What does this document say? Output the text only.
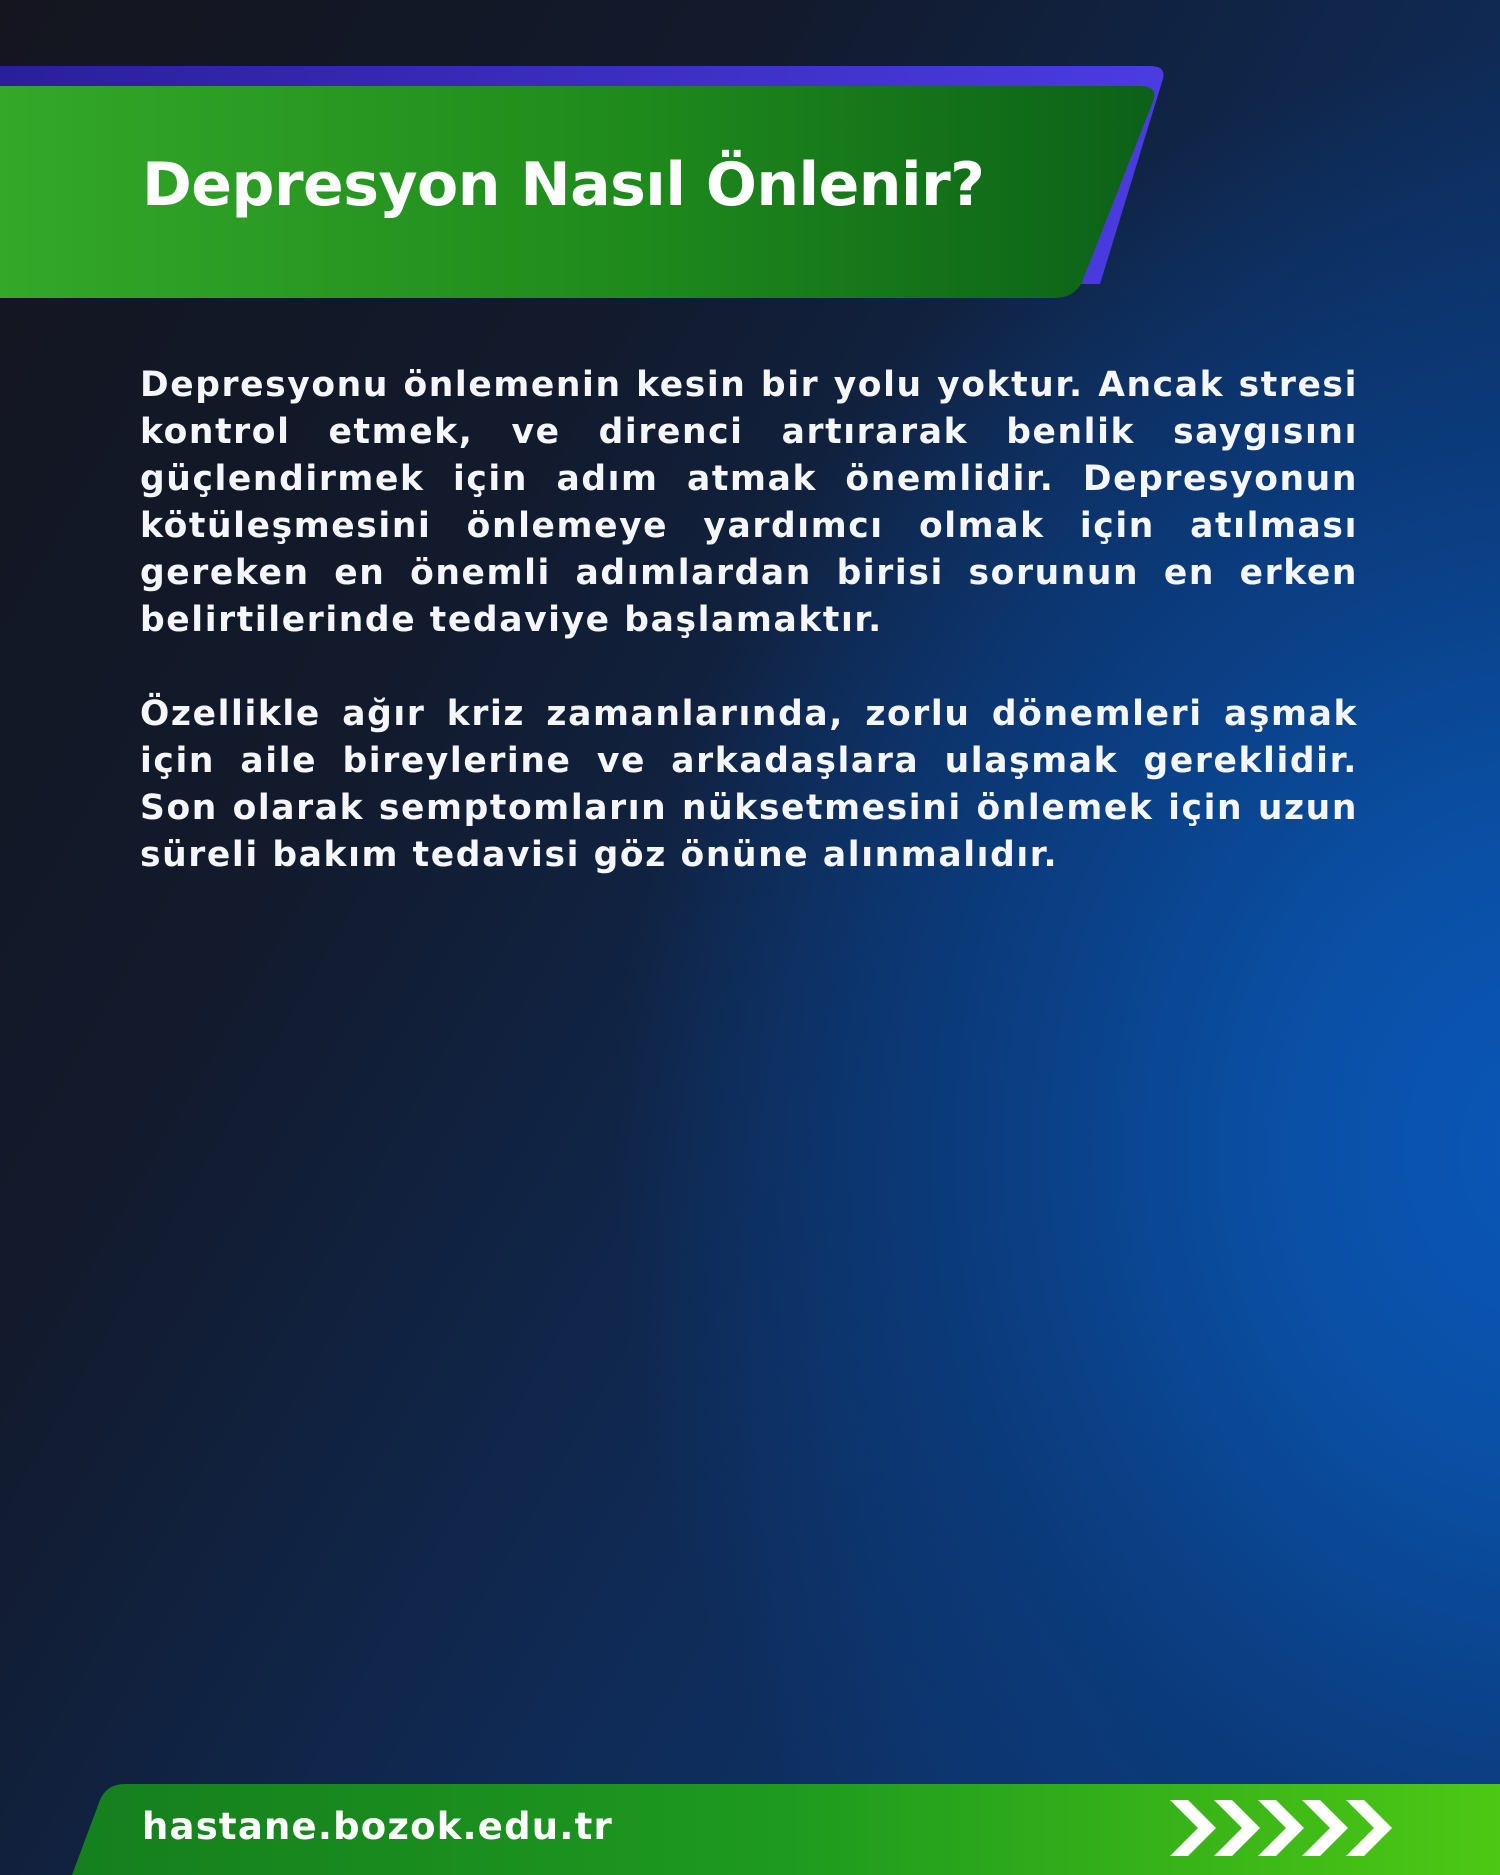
Depresyon Nasıl Önlenir?

Depresyonu önlemenin kesin bir yolu yoktur. Ancak stresi kontrol etmek, ve direnci artırarak benlik saygısını güçlendirmek için adım atmak önemlidir. Depresyonun kötüleşmesini önlemeye yardımcı olmak için atılması gereken en önemli adımlardan birisi sorunun en erken belirtilerinde tedaviye başlamaktır.

Özellikle ağır kriz zamanlarında, zorlu dönemleri aşmak için aile bireylerine ve arkadaşlara ulaşmak gereklidir. Son olarak semptomların nüksetmesini önlemek için uzun süreli bakım tedavisi göz önüne alınmalıdır.

hastane.bozok.edu.tr
